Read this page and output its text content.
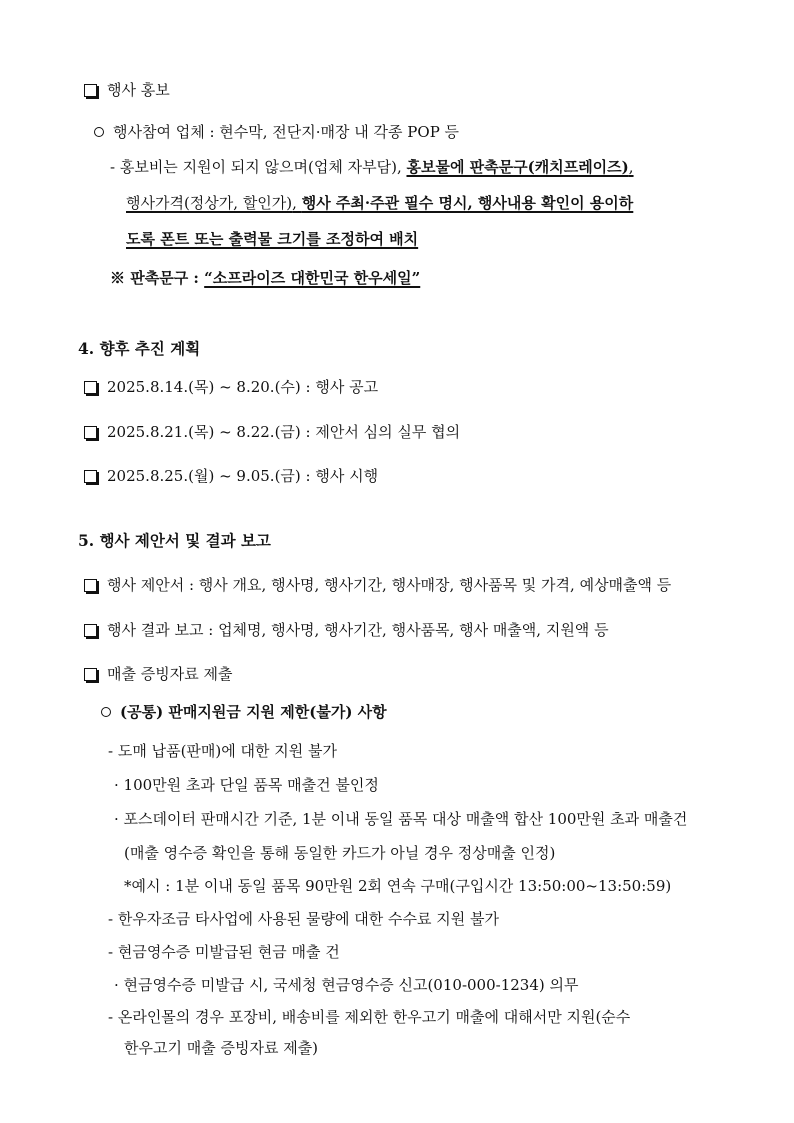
행사 홍보
행사참여 업체 : 현수막, 전단지·매장 내 각종 POP 등
- 홍보비는 지원이 되지 않으며(업체 자부담), 홍보물에 판촉문구(캐치프레이즈),
행사가격(정상가, 할인가), 행사 주최·주관 필수 명시, 행사내용 확인이 용이하
도록 폰트 또는 출력물 크기를 조정하여 배치
※ 판촉문구 : “소프라이즈 대한민국 한우세일”
4. 향후 추진 계획
2025.8.14.(목) ~ 8.20.(수) : 행사 공고
2025.8.21.(목) ~ 8.22.(금) : 제안서 심의 실무 협의
2025.8.25.(월) ~ 9.05.(금) : 행사 시행
5. 행사 제안서 및 결과 보고
행사 제안서 : 행사 개요, 행사명, 행사기간, 행사매장, 행사품목 및 가격, 예상매출액 등
행사 결과 보고 : 업체명, 행사명, 행사기간, 행사품목, 행사 매출액, 지원액 등
매출 증빙자료 제출
(공통) 판매지원금 지원 제한(불가) 사항
- 도매 납품(판매)에 대한 지원 불가
· 100만원 초과 단일 품목 매출건 불인정
· 포스데이터 판매시간 기준, 1분 이내 동일 품목 대상 매출액 합산 100만원 초과 매출건
(매출 영수증 확인을 통해 동일한 카드가 아닐 경우 정상매출 인정)
*예시 : 1분 이내 동일 품목 90만원 2회 연속 구매(구입시간 13:50:00~13:50:59)
- 한우자조금 타사업에 사용된 물량에 대한 수수료 지원 불가
- 현금영수증 미발급된 현금 매출 건
· 현금영수증 미발급 시, 국세청 현금영수증 신고(010-000-1234) 의무
- 온라인몰의 경우 포장비, 배송비를 제외한 한우고기 매출에 대해서만 지원(순수
한우고기 매출 증빙자료 제출)
